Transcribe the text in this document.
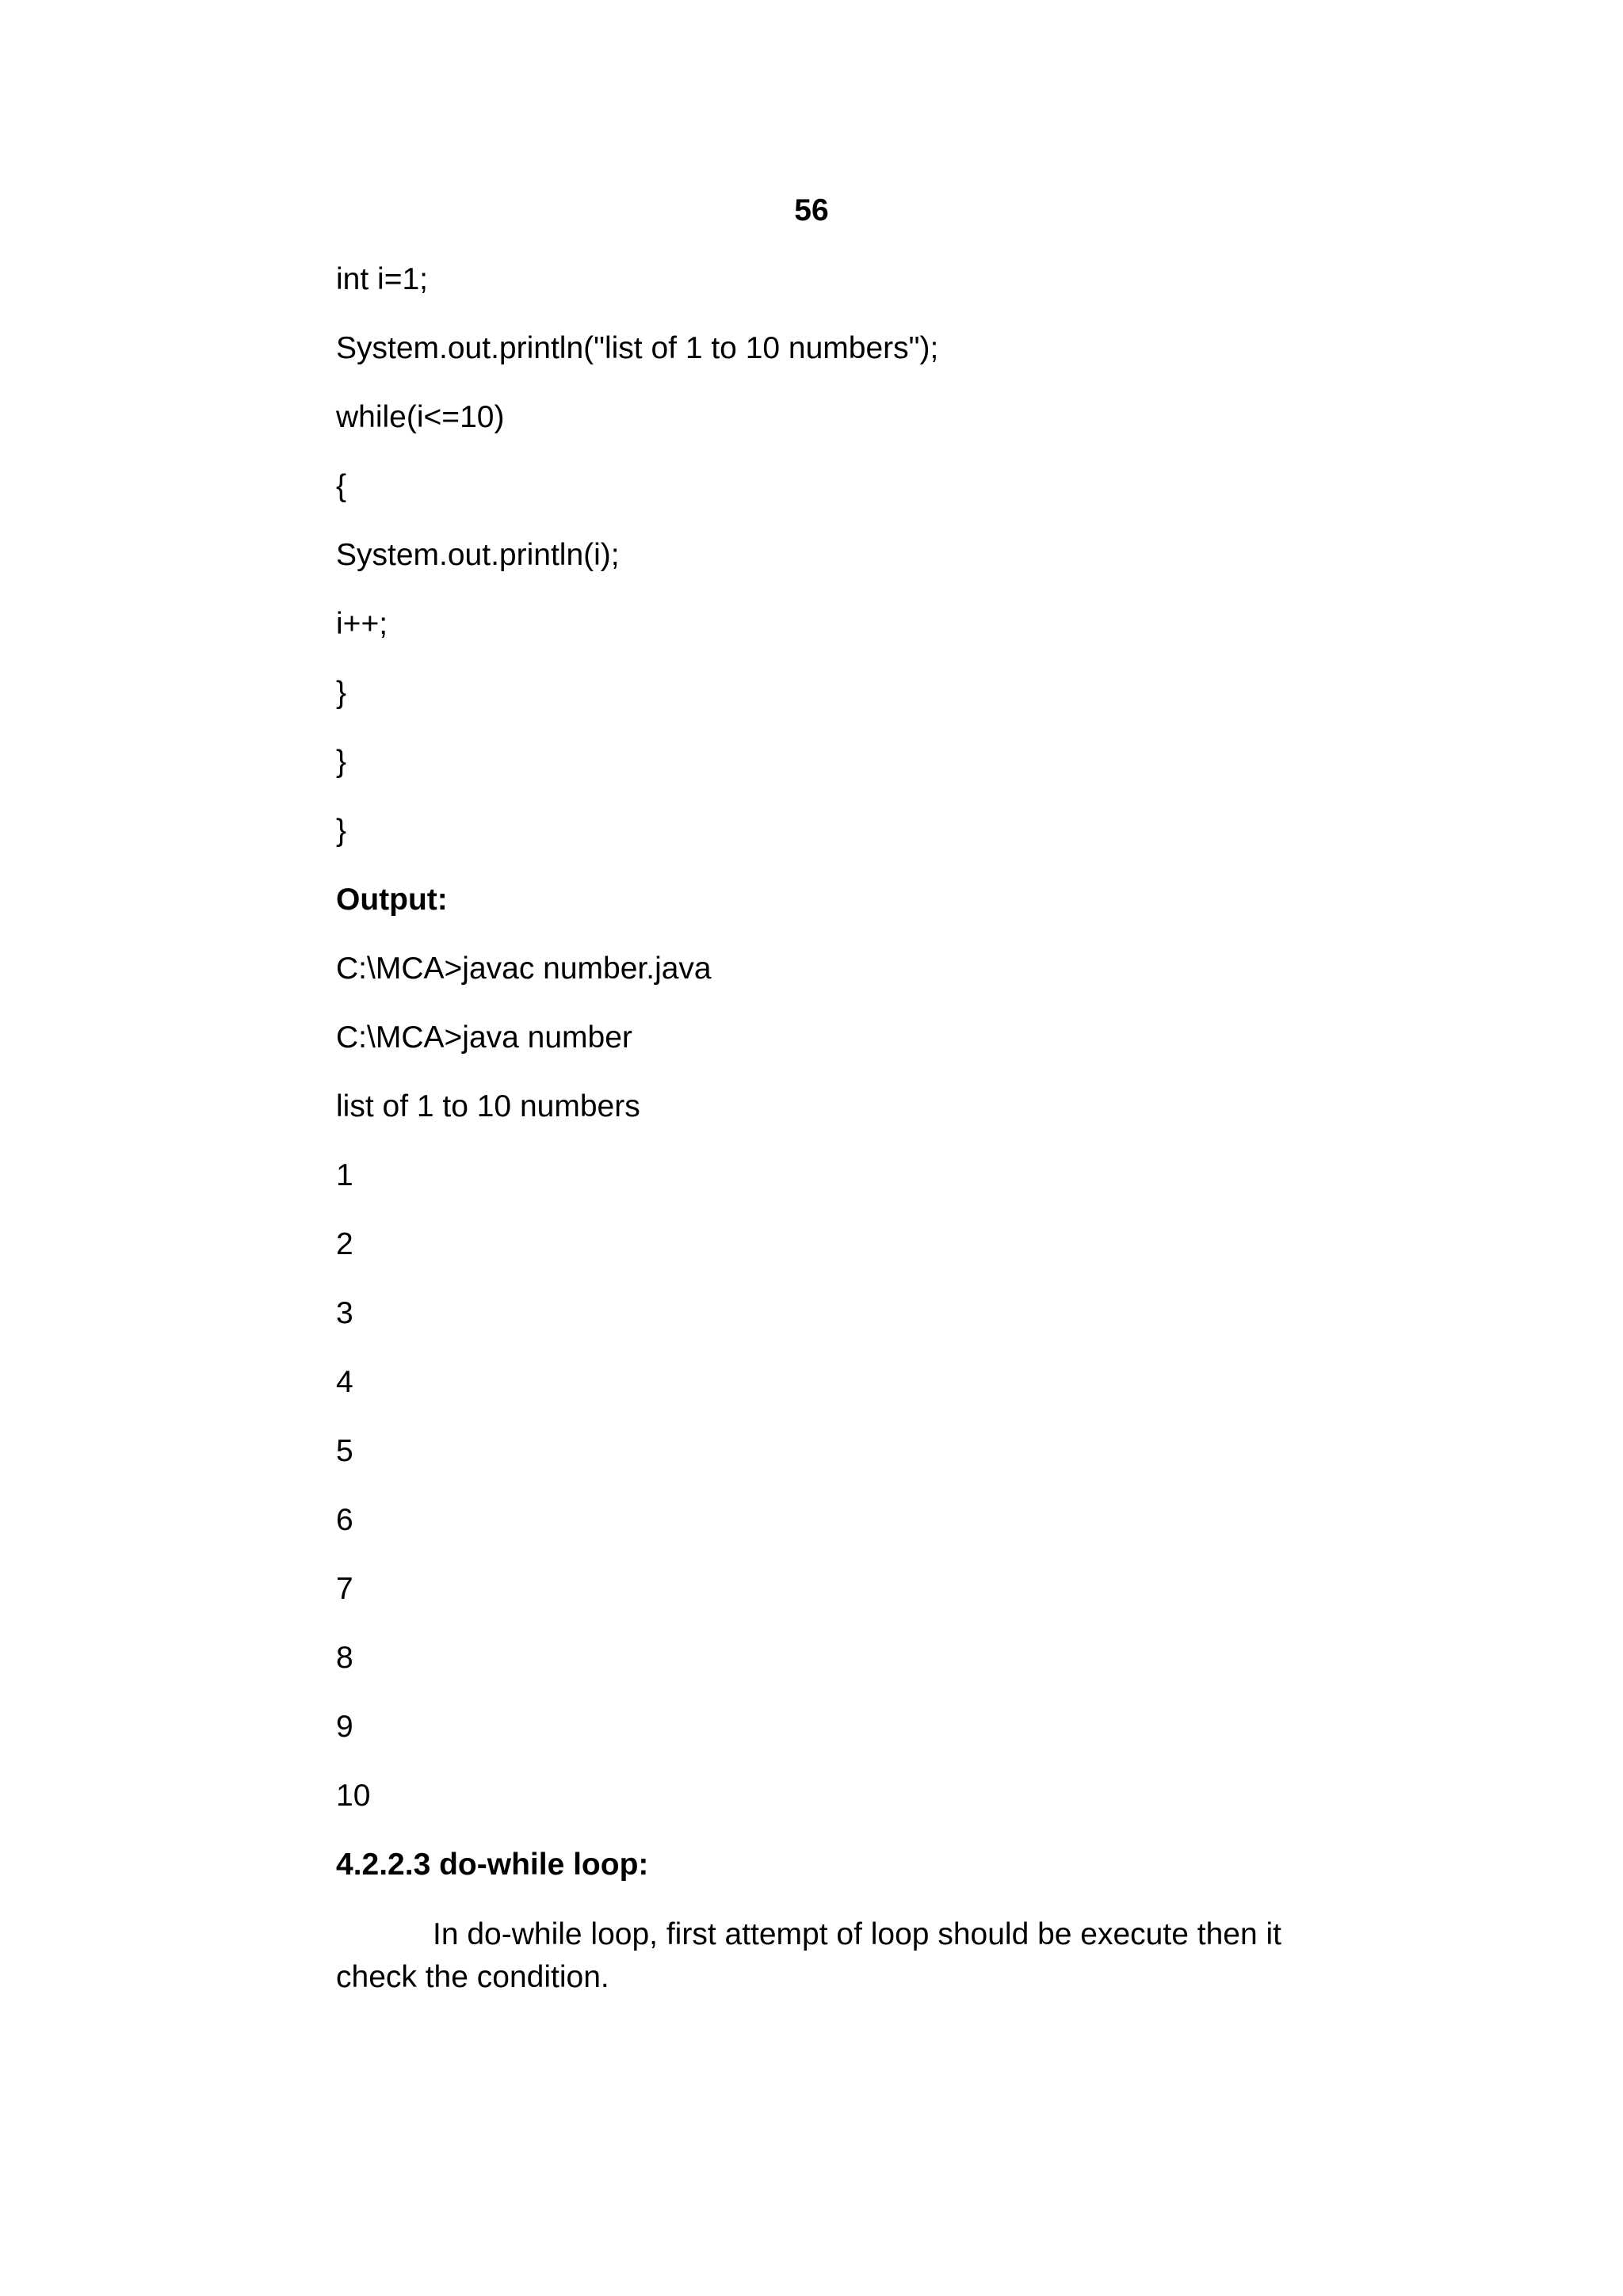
56
int i=1;
System.out.println("list of 1 to 10 numbers");
while(i<=10)
{
System.out.println(i);
i++;
}
}
}
Output:
C:\MCA>javac number.java
C:\MCA>java number
list of 1 to 10 numbers
1
2
3
4
5
6
7
8
9
10
4.2.2.3 do-while loop:

In do-while loop, first attempt of loop should be execute then it check the condition.
